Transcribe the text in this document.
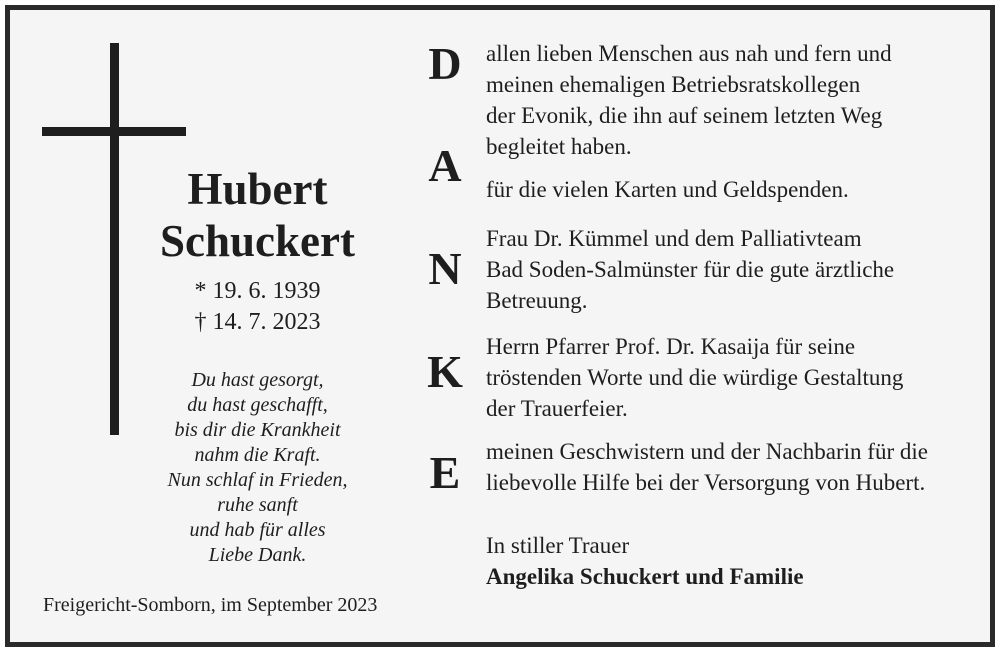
Hubert
Schuckert
* 19. 6. 1939
† 14. 7. 2023
Du hast gesorgt,
du hast geschafft,
bis dir die Krankheit
nahm die Kraft.
Nun schlaf in Frieden,
ruhe sanft
und hab für alles
Liebe Dank.
Freigericht-Somborn, im September 2023
D
A
N
K
E
allen lieben Menschen aus nah und fern und
meinen ehemaligen Betriebsratskollegen
der Evonik, die ihn auf seinem letzten Weg
begleitet haben.
für die vielen Karten und Geldspenden.
Frau Dr. Kümmel und dem Palliativteam
Bad Soden-Salmünster für die gute ärztliche
Betreuung.
Herrn Pfarrer Prof. Dr. Kasaija für seine
tröstenden Worte und die würdige Gestaltung
der Trauerfeier.
meinen Geschwistern und der Nachbarin für die
liebevolle Hilfe bei der Versorgung von Hubert.
In stiller Trauer
Angelika Schuckert und Familie
